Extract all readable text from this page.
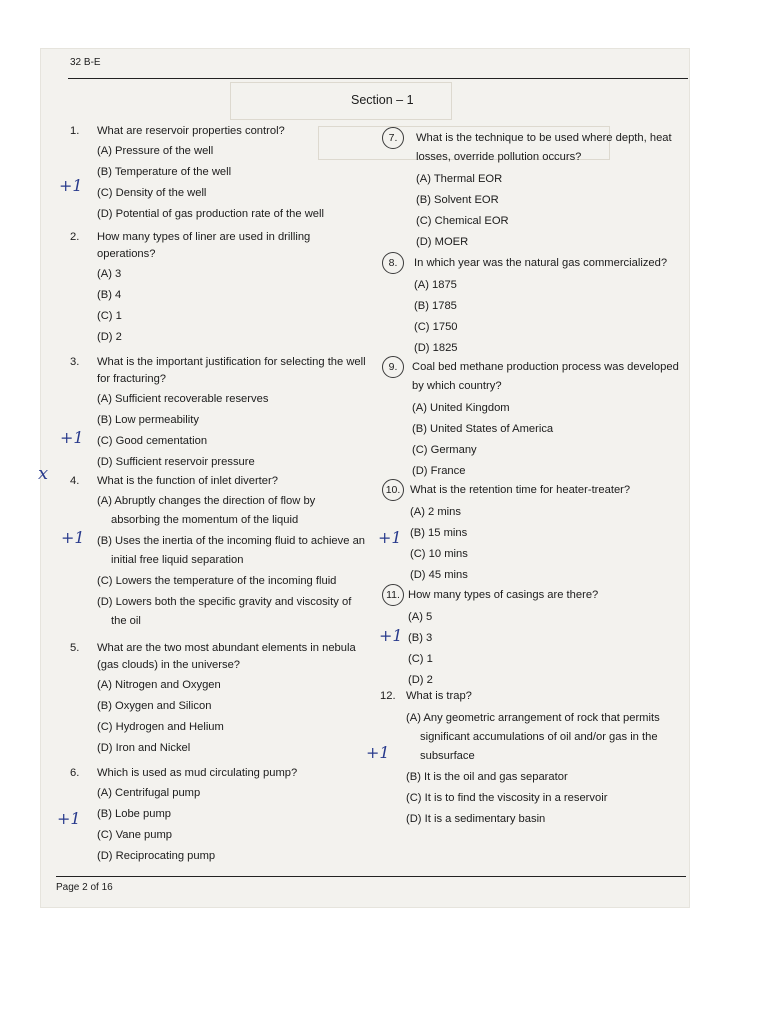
32 B-E
Section – 1
1. What are reservoir properties control?
(A) Pressure of the well
(B) Temperature of the well
(C) Density of the well
(D) Potential of gas production rate of the well
2. How many types of liner are used in drilling
operations?
(A) 3
(B) 4
(C) 1
(D) 2
3. What is the important justification for selecting the well
for fracturing?
(A) Sufficient recoverable reserves
(B) Low permeability
(C) Good cementation
(D) Sufficient reservoir pressure
4. What is the function of inlet diverter?
(A) Abruptly changes the direction of flow by
absorbing the momentum of the liquid
(B) Uses the inertia of the incoming fluid to achieve an
initial free liquid separation
(C) Lowers the temperature of the incoming fluid
(D) Lowers both the specific gravity and viscosity of
the oil
5. What are the two most abundant elements in nebula
(gas clouds) in the universe?
(A) Nitrogen and Oxygen
(B) Oxygen and Silicon
(C) Hydrogen and Helium
(D) Iron and Nickel
6. Which is used as mud circulating pump?
(A) Centrifugal pump
(B) Lobe pump
(C) Vane pump
(D) Reciprocating pump
7.	What is the technique to be used where depth, heat
losses, override pollution occurs?
(A) Thermal EOR
(B) Solvent EOR
(C) Chemical EOR
(D) MOER
8.	In which year was the natural gas commercialized?
(A) 1875
(B) 1785
(C) 1750
(D) 1825
9.	Coal bed methane production process was developed
by which country?
(A) United Kingdom
(B) United States of America
(C) Germany
(D) France
10. What is the retention time for heater-treater?
(A) 2 mins
(B) 15 mins
(C) 10 mins
(D) 45 mins
11. How many types of casings are there?
(A) 5
(B) 3
(C) 1
(D) 2
12. What is trap?
(A) Any geometric arrangement of rock that permits
significant accumulations of oil and/or gas in the
subsurface
(B) It is the oil and gas separator
(C) It is to find the viscosity in a reservoir
(D) It is a sedimentary basin
+1
+1
x
+1
+1
+1
+1
+1
Page 2 of 16
